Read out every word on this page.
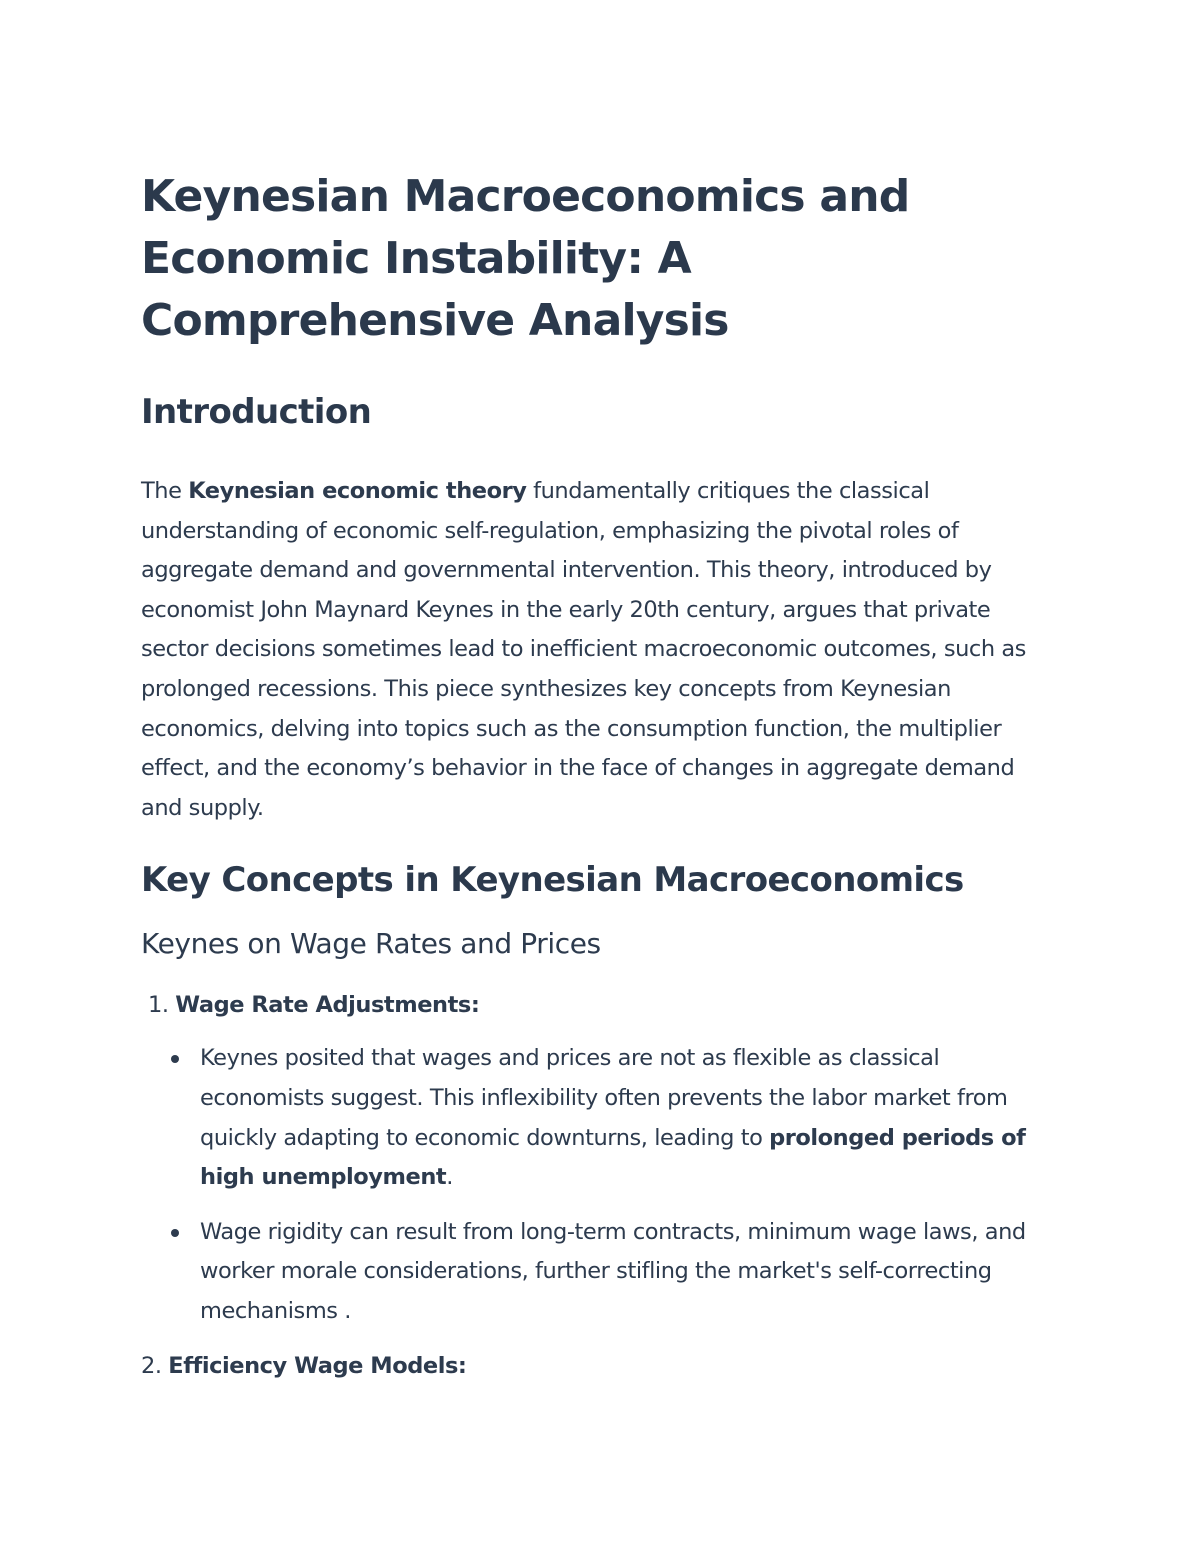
Keynesian Macroeconomics and Economic Instability: A Comprehensive Analysis
Introduction

The Keynesian economic theory fundamentally critiques the classical understanding of economic self-regulation, emphasizing the pivotal roles of aggregate demand and governmental intervention. This theory, introduced by economist John Maynard Keynes in the early 20th century, argues that private sector decisions sometimes lead to inefficient macroeconomic outcomes, such as prolonged recessions. This piece synthesizes key concepts from Keynesian economics, delving into topics such as the consumption function, the multiplier effect, and the economy’s behavior in the face of changes in aggregate demand and supply.

Key Concepts in Keynesian Macroeconomics
Keynes on Wage Rates and Prices

1. Wage Rate Adjustments:

Keynes posited that wages and prices are not as flexible as classical economists suggest. This inflexibility often prevents the labor market from quickly adapting to economic downturns, leading to prolonged periods of high unemployment.
Wage rigidity can result from long-term contracts, minimum wage laws, and worker morale considerations, further stifling the market's self-correcting mechanisms .

2. Efficiency Wage Models:
